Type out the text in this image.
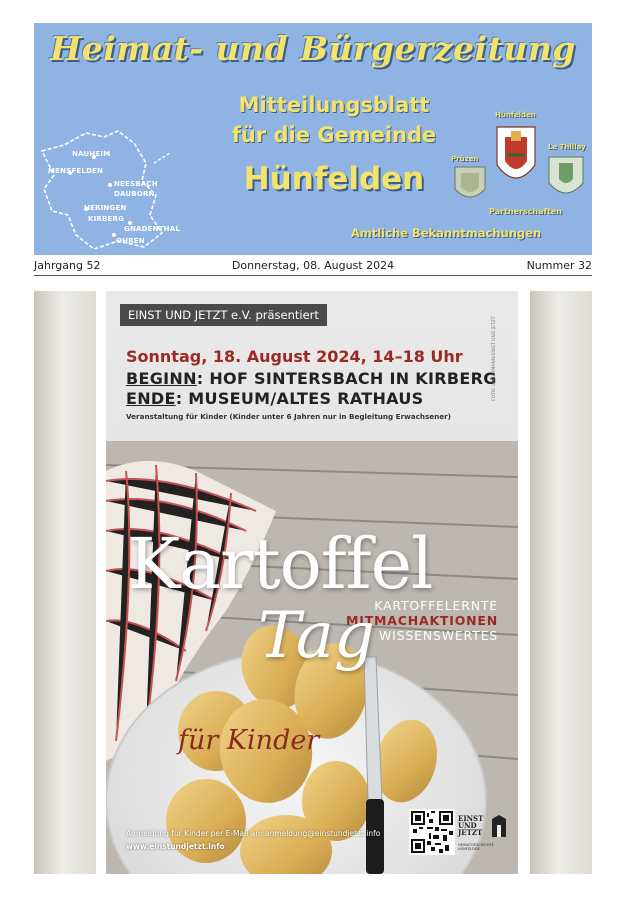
Heimat- und Bürgerzeitung
NAUHEIM
MENSFELDEN
NEESBACH
DAUBORN
HERINGEN
KIRBERG
GNADENTHAL
OHREN
Mitteilungsblatt
für die Gemeinde
Hünfelden
Hünfelden
Prüzen
Le Thillay
Partnerschaften
Amtliche Bekanntmachungen
Jahrgang 52	Donnerstag, 08. August 2024	Nummer 32
EINST UND JETZT e.V. präsentiert
Sonntag, 18. August 2024, 14–18 Uhr
BEGINN: HOF SINTERSBACH IN KIRBERG
ENDE: MUSEUM/ALTES RATHAUS
Veranstaltung für Kinder (Kinder unter 6 Jahren nur in Begleitung Erwachsener)
FOTO: LAGERMANN/EINST UND JETZT
Kartoffel
KARTOFFELERNTE
MITMACHAKTIONEN
WISSENSWERTES
Tag
für Kinder
Anmeldung für Kinder per E-Mail an: anmeldung@einstundjetzt.info
www.einstundjetzt.info
EINST
UND
JETZT
HEIMATGESCHICHTE HÜNFELDEN
